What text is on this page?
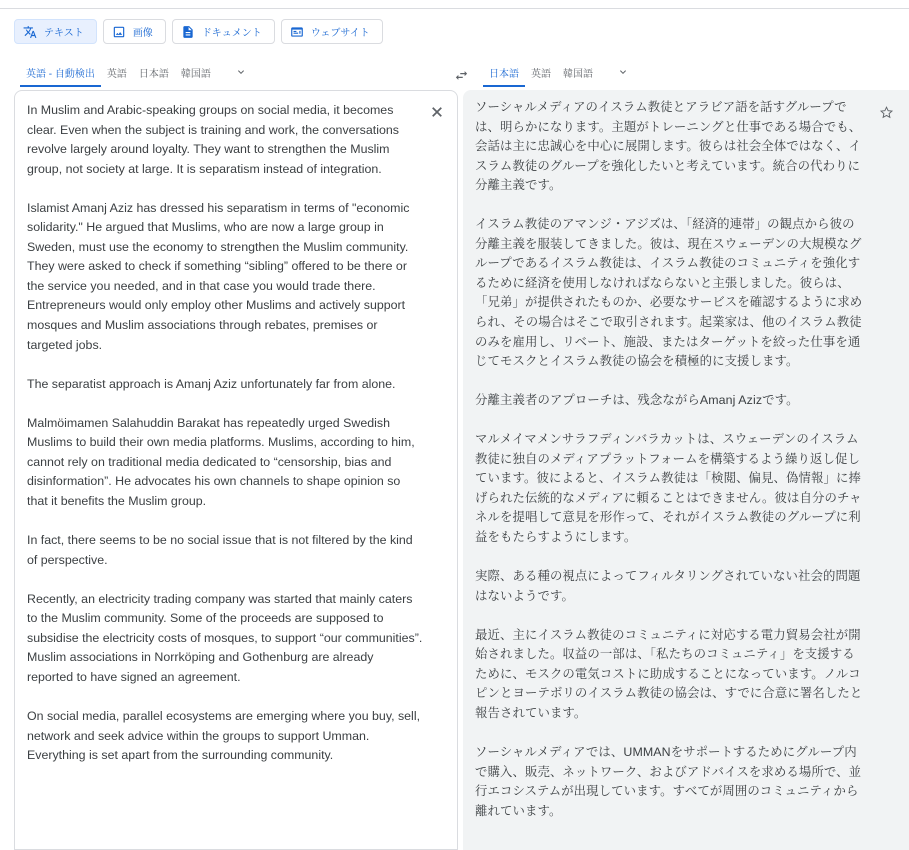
テキスト	画像	ドキュメント	ウェブサイト
英語 - 自動検出	英語	日本語	韓国語	日本語	英語	韓国語
In Muslim and Arabic-speaking groups on social media, it becomes clear. Even when the subject is training and work, the conversations revolve largely around loyalty. They want to strengthen the Muslim group, not society at large. It is separatism instead of integration.

Islamist Amanj Aziz has dressed his separatism in terms of "economic solidarity." He argued that Muslims, who are now a large group in Sweden, must use the economy to strengthen the Muslim community. They were asked to check if something “sibling” offered to be there or the service you needed, and in that case you would trade there. Entrepreneurs would only employ other Muslims and actively support mosques and Muslim associations through rebates, premises or targeted jobs.

The separatist approach is Amanj Aziz unfortunately far from alone.

Malmöimamen Salahuddin Barakat has repeatedly urged Swedish Muslims to build their own media platforms. Muslims, according to him, cannot rely on traditional media dedicated to “censorship, bias and disinformation”. He advocates his own channels to shape opinion so that it benefits the Muslim group.

In fact, there seems to be no social issue that is not filtered by the kind of perspective.

Recently, an electricity trading company was started that mainly caters to the Muslim community. Some of the proceeds are supposed to subsidise the electricity costs of mosques, to support “our communities”. Muslim associations in Norrköping and Gothenburg are already reported to have signed an agreement.

On social media, parallel ecosystems are emerging where you buy, sell, network and seek advice within the groups to support Umman. Everything is set apart from the surrounding community.
ソーシャルメディアのイスラム教徒とアラビア語を話すグループでは、明らかになります。主題がトレーニングと仕事である場合でも、会話は主に忠誠心を中心に展開します。彼らは社会全体ではなく、イスラム教徒のグループを強化したいと考えています。統合の代わりに分離主義です。

イスラム教徒のアマンジ・アジズは、「経済的連帯」の観点から彼の分離主義を服装してきました。彼は、現在スウェーデンの大規模なグループであるイスラム教徒は、イスラム教徒のコミュニティを強化するために経済を使用しなければならないと主張しました。彼らは、「兄弟」が提供されたものか、必要なサービスを確認するように求められ、その場合はそこで取引されます。起業家は、他のイスラム教徒のみを雇用し、リベート、施設、またはターゲットを絞った仕事を通じてモスクとイスラム教徒の協会を積極的に支援します。

分離主義者のアプローチは、残念ながらAmanj Azizです。

マルメイマメンサラフディンバラカットは、スウェーデンのイスラム教徒に独自のメディアプラットフォームを構築するよう繰り返し促しています。彼によると、イスラム教徒は「検閲、偏見、偽情報」に捧げられた伝統的なメディアに頼ることはできません。彼は自分のチャネルを提唱して意見を形作って、それがイスラム教徒のグループに利益をもたらすようにします。

実際、ある種の視点によってフィルタリングされていない社会的問題はないようです。

最近、主にイスラム教徒のコミュニティに対応する電力貿易会社が開始されました。収益の一部は、「私たちのコミュニティ」を支援するために、モスクの電気コストに助成することになっています。ノルコピンとヨーテボリのイスラム教徒の協会は、すでに合意に署名したと報告されています。

ソーシャルメディアでは、UMMANをサポートするためにグループ内で購入、販売、ネットワーク、およびアドバイスを求める場所で、並行エコシステムが出現しています。すべてが周囲のコミュニティから離れています。
